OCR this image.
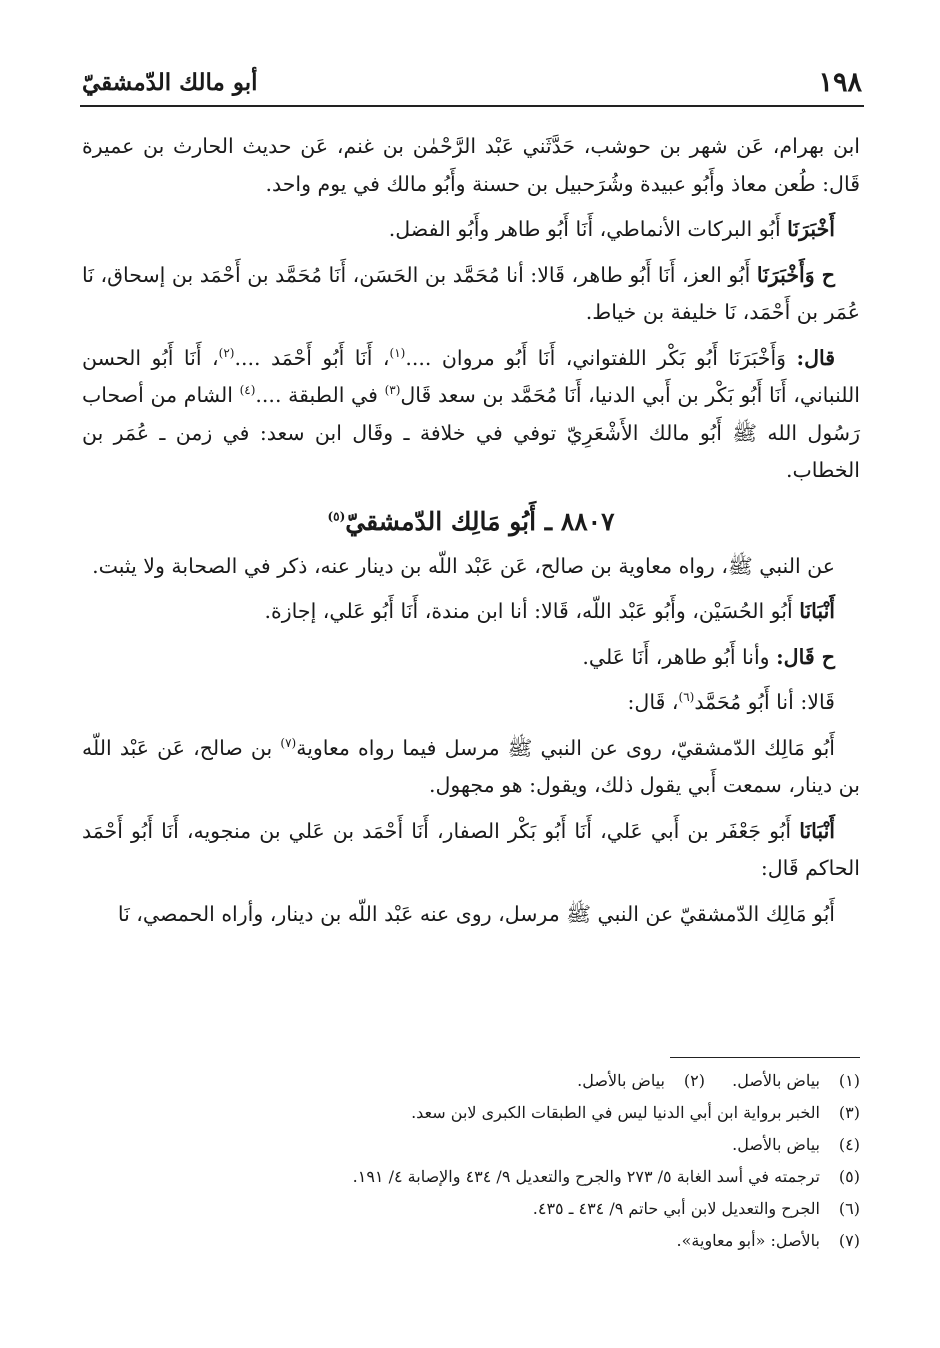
١٩٨
أبو مالك الدّمشقيّ

ابن بهرام، عَن شهر بن حوشب، حَدَّثَني عَبْد الرَّحْمٰن بن غنم، عَن حديث الحارث بن عميرة قَال: طُعن معاذ وأَبُو عبيدة وشُرَحبيل بن حسنة وأَبُو مالك في يوم واحد.

أَخْبَرَنَا أَبُو البركات الأنماطي، أَنَا أَبُو طاهر وأَبُو الفضل.

ح وَأَخْبَرَنَا أَبُو العز، أَنَا أَبُو طاهر، قَالا: أنا مُحَمَّد بن الحَسَن، أَنَا مُحَمَّد بن أَحْمَد بن إسحاق، نَا عُمَر بن أَحْمَد، نَا خليفة بن خياط.

قال: وَأَخْبَرَنَا أَبُو بَكْر اللفتواني، أَنَا أَبُو مروان ....$^{(١)}$، أَنَا أَبُو أَحْمَد ....$^{(٢)}$، أَنَا أَبُو الحسن اللنباني، أَنَا أَبُو بَكْر بن أَبي الدنيا، أَنَا مُحَمَّد بن سعد قَال$^{(٣)}$ في الطبقة ....$^{(٤)}$ الشام من أصحاب رَسُول الله ﷺ أَبُو مالك الأَشْعَرِيّ توفي في خلافة ـ وقَال ابن سعد: في زمن ـ عُمَر بن الخطاب.

٨٨٠٧ ـ أَبُو مَالِك الدّمشقيّ$^{(٥)}$

عن النبي ﷺ، رواه معاوية بن صالح، عَن عَبْد اللّه بن دينار عنه، ذكر في الصحابة ولا يثبت.

أَنْبَانَا أَبُو الحُسَيْن، وأَبُو عَبْد اللّه، قَالا: أنا ابن مندة، أَنَا أَبُو عَلي، إجازة.

ح قَال: وأنا أَبُو طاهر، أَنَا عَلي.

قَالا: أنا أَبُو مُحَمَّد$^{(٦)}$، قَال:

أَبُو مَالِك الدّمشقيّ، روى عن النبي ﷺ مرسل فيما رواه معاوية$^{(٧)}$ بن صالح، عَن عَبْد اللّه بن دينار، سمعت أَبي يقول ذلك، ويقول: هو مجهول.

أَنْبَانَا أَبُو جَعْفَر بن أَبي عَلي، أَنَا أَبُو بَكْر الصفار، أَنَا أَحْمَد بن عَلي بن منجويه، أَنَا أَبُو أَحْمَد الحاكم قَال:

أَبُو مَالِك الدّمشقيّ عن النبي ﷺ مرسل، روى عنه عَبْد اللّه بن دينار، وأراه الحمصي، نَا

(١)
بياض بالأصل.
(٢)
بياض بالأصل.
(٣)
الخبر برواية ابن أبي الدنيا ليس في الطبقات الكبرى لابن سعد.
(٤)
بياض بالأصل.
(٥)
ترجمته في أسد الغابة ٥/ ٢٧٣ والجرح والتعديل ٩/ ٤٣٤ والإصابة ٤/ ١٩١.
(٦)
الجرح والتعديل لابن أبي حاتم ٩/ ٤٣٤ ـ ٤٣٥.
(٧)
بالأصل: «أبو معاوية».
